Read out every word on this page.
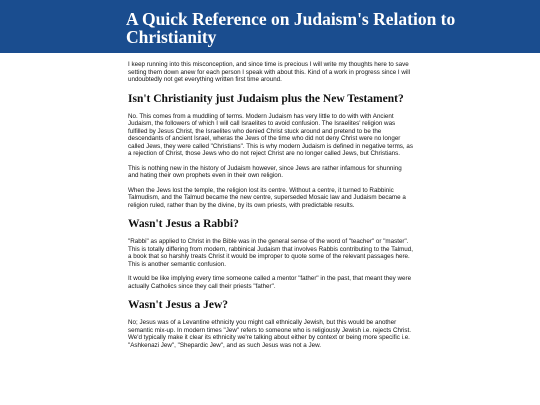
A Quick Reference on Judaism's Relation to Christianity

I keep running into this misconception, and since time is precious I will write my thoughts here to save setting them down anew for each person I speak with about this. Kind of a work in progress since I will undoubtedly not get everything written first time around.

Isn't Christianity just Judaism plus the New Testament?

No. This comes from a muddling of terms. Modern Judaism has very little to do with with Ancient Judaism, the followers of which I will call Israelites to avoid confusion. The Israelites' religion was fulfilled by Jesus Christ, the Israelites who denied Christ stuck around and pretend to be the descendants of ancient Israel, wheras the Jews of the time who did not deny Christ were no longer called Jews, they were called "Christians". This is why modern Judaism is defined in negative terms, as a rejection of Christ, those Jews who do not reject Christ are no longer called Jews, but Christians.

This is nothing new in the history of Judaism however, since Jews are rather infamous for shunning and hating their own prophets even in their own religion.

When the Jews lost the temple, the religion lost its centre. Without a centre, it turned to Rabbinic Talmudism, and the Talmud became the new centre, superseded Mosaic law and Judaism became a religion ruled, rather than by the divine, by its own priests, with predictable results.

Wasn't Jesus a Rabbi?

"Rabbi" as applied to Christ in the Bible was in the general sense of the word of "teacher" or "master". This is totally differing from modern, rabbinical Judaism that involves Rabbis contributing to the Talmud, a book that so harshly treats Christ it would be improper to quote some of the relevant passages here. This is another semantic confusion.

It would be like implying every time someone called a mentor "father" in the past, that meant they were actually Catholics since they call their priests "father".

Wasn't Jesus a Jew?

No; Jesus was of a Levantine ethnicity you might call ethnically Jewish, but this would be another semantic mix-up. In modern times "Jew" refers to someone who is religiously Jewish i.e. rejects Christ. We'd typically make it clear its ethnicity we're talking about either by context or being more specific i.e. "Ashkenazi Jew", "Shepardic Jew", and as such Jesus was not a Jew.
